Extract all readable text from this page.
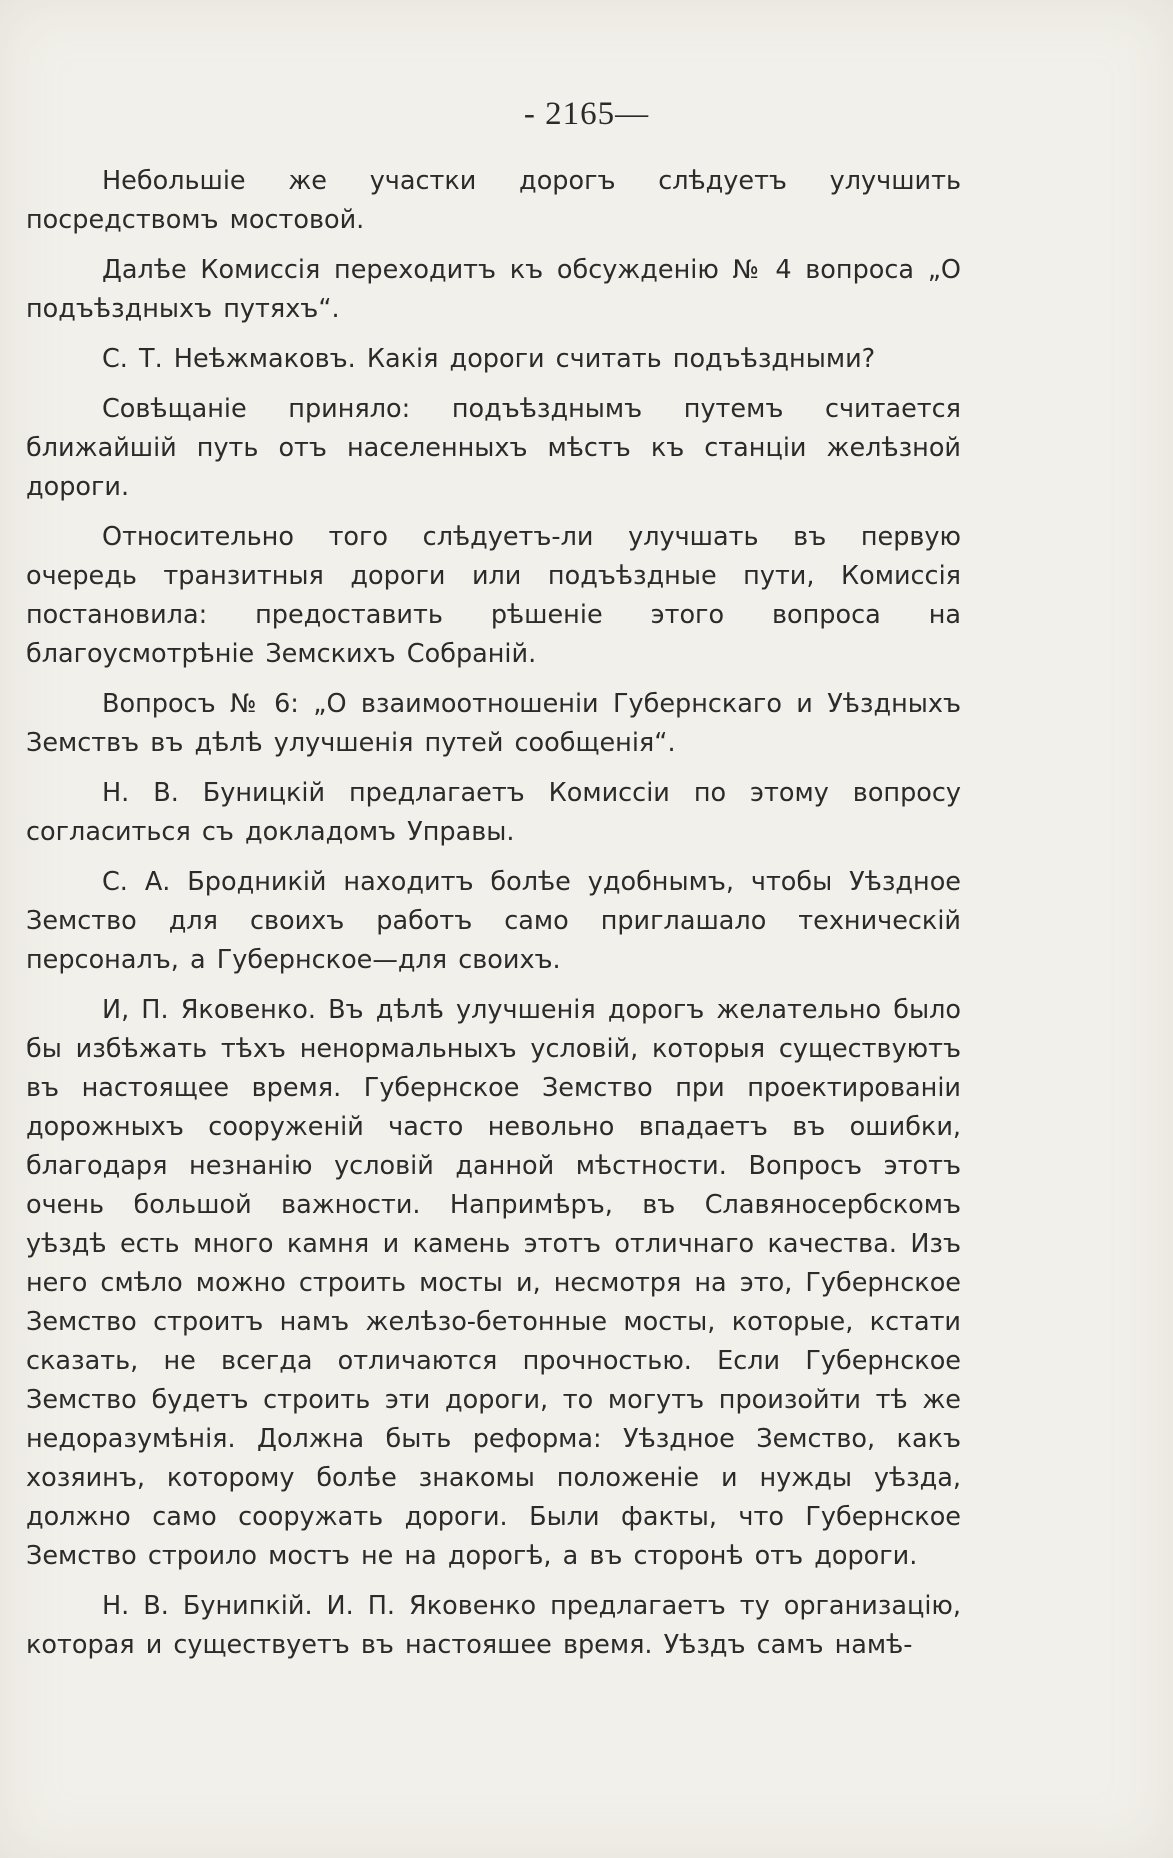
- 2165—

Небольшіе же участки дорогъ слѣдуетъ улучшить посредствомъ мостовой.

Далѣе Комиссія переходитъ къ обсужденію № 4 вопроса „О подъѣздныхъ путяхъ“.

С. Т. Неѣжмаковъ. Какія дороги считать подъѣздными?

Совѣщаніе приняло: подъѣзднымъ путемъ считается ближайшій путь отъ населенныхъ мѣстъ къ станціи желѣзной дороги.

Относительно того слѣдуетъ-ли улучшать въ первую очередь транзитныя дороги или подъѣздные пути, Комиссія постановила: предоставить рѣшеніе этого вопроса на благоусмотрѣніе Земскихъ Собраній.

Вопросъ № 6: „О взаимоотношеніи Губернскаго и Уѣздныхъ Земствъ въ дѣлѣ улучшенія путей сообщенія“.

Н. В. Буницкій предлагаетъ Комиссіи по этому вопросу согласиться съ докладомъ Управы.

С. А. Бродникій находитъ болѣе удобнымъ, чтобы Уѣздное Земство для своихъ работъ само приглашало техническій персоналъ, а Губернское—для своихъ.

И, П. Яковенко. Въ дѣлѣ улучшенія дорогъ желательно было бы избѣжать тѣхъ ненормальныхъ условій, которыя существуютъ въ настоящее время. Губернское Земство при проектированіи дорожныхъ сооруженій часто невольно впадаетъ въ ошибки, благодаря незнанію условій данной мѣстности. Вопросъ этотъ очень большой важности. Напримѣръ, въ Славяносербскомъ уѣздѣ есть много камня и камень этотъ отличнаго качества. Изъ него смѣло можно строить мосты и, несмотря на это, Губернское Земство строитъ намъ желѣзо-бетонные мосты, которые, кстати сказать, не всегда отличаются прочностью. Если Губернское Земство будетъ строить эти дороги, то могутъ произойти тѣ же недоразумѣнія. Должна быть реформа: Уѣздное Земство, какъ хозяинъ, которому болѣе знакомы положеніе и нужды уѣзда, должно само сооружать дороги. Были факты, что Губернское Земство строило мостъ не на дорогѣ, а въ сторонѣ отъ дороги.

Н. В. Бунипкій. И. П. Яковенко предлагаетъ ту организацію, которая и существуетъ въ настояшее время. Уѣздъ самъ намѣ-
